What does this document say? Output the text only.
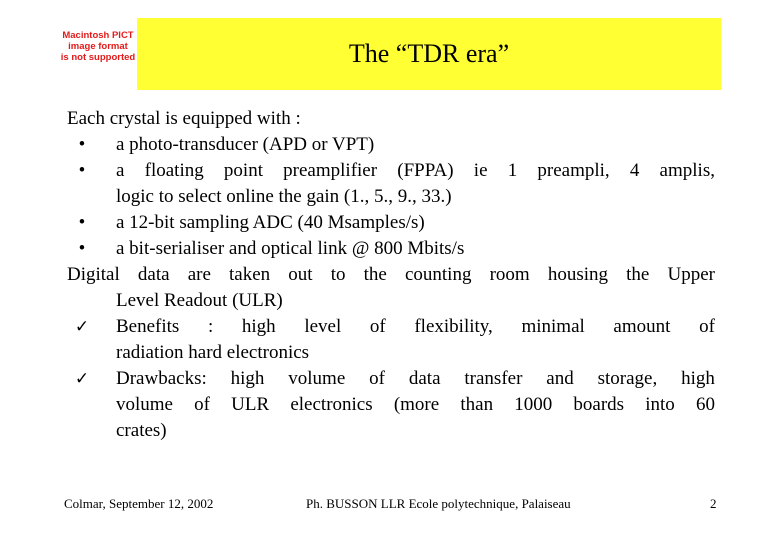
Macintosh PICT
image format
is not supported	The “TDR era”
Each crystal is equipped with :
•	a photo-transducer (APD or VPT)
•	a floating point preamplifier (FPPA) ie 1 preampli, 4 amplis,
logic to select online the gain (1., 5., 9., 33.)
•	a 12-bit sampling ADC (40 Msamples/s)
•	a bit-serialiser and optical link @ 800 Mbits/s
Digital data are taken out to the counting room housing the Upper
Level Readout (ULR)
✓	Benefits : high level of flexibility, minimal amount of
radiation hard electronics
✓	Drawbacks: high volume of data transfer and storage, high
volume of ULR electronics (more than 1000 boards into 60
crates)
Colmar, September 12, 2002	Ph. BUSSON LLR Ecole polytechnique, Palaiseau	2
